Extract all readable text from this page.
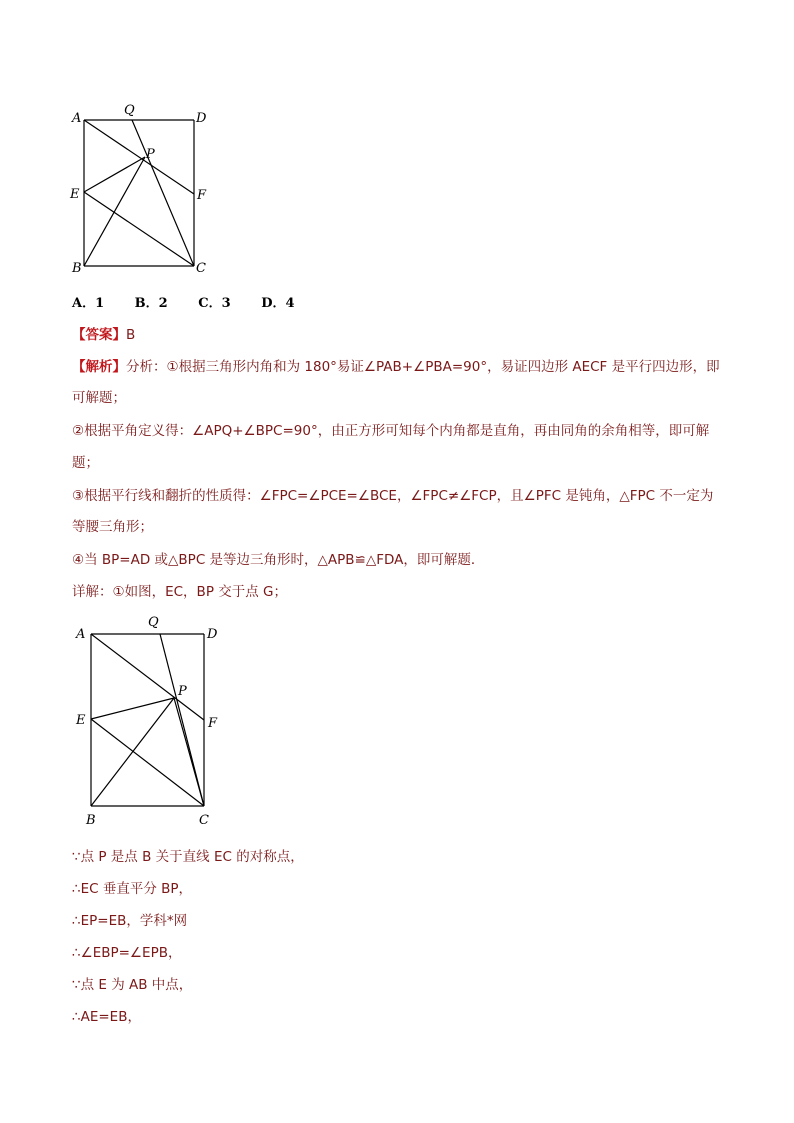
A
Q
D
P
E	F
B	C
A．1 B．2 C．3 D．4
【答案】B
【解析】分析：①根据三角形内角和为 180°易证∠PAB+∠PBA=90°，易证四边形 AECF 是平行四边形，即
可解题；
②根据平角定义得：∠APQ+∠BPC=90°，由正方形可知每个内角都是直角，再由同角的余角相等，即可解
题；
③根据平行线和翻折的性质得：∠FPC=∠PCE=∠BCE，∠FPC≠∠FCP，且∠PFC 是钝角，△FPC 不一定为
等腰三角形；
④当 BP=AD 或△BPC 是等边三角形时，△APB≌△FDA，即可解题．
详解：①如图，EC，BP 交于点 G；
A
Q
D
P
E	F
B	C
∵点 P 是点 B 关于直线 EC 的对称点，
∴EC 垂直平分 BP，
∴EP=EB，学科*网
∴∠EBP=∠EPB，
∵点 E 为 AB 中点，
∴AE=EB，
